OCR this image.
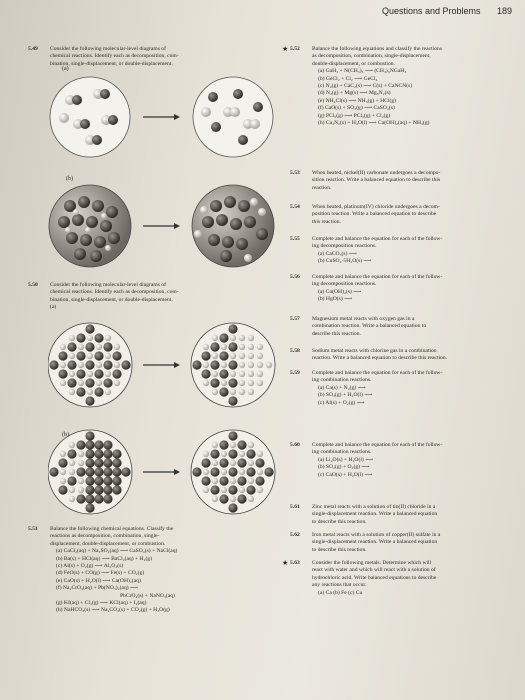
Questions and Problems 189
5.49 Consider the following molecular-level diagrams of
chemical reactions. Identify each as decomposition, com-
bination, single-displacement, or double-displacement.
(a)
(b)
5.50 Consider the following molecular-level diagrams of
chemical reactions. Identify each as decomposition, com-
bination, single-displacement, or double-displacement.
(a)
(b)
5.51 Balance the following chemical equations. Classify the
reactions as decomposition, combination, single-
displacement, double-displacement, or combustion.
(a) CaCl₂(aq) + Na₂SO₄(aq) ⟶ CaSO₄(s) + NaCl(aq)
(b) Ba(s) + HCl(aq) ⟶ BaCl₂(aq) + H₂(g)
(c) Al(s) + O₂(g) ⟶ Al₂O₃(s)
(d) FeO(s) + CO(g) ⟶ Fe(s) + CO₂(g)
(e) CaO(s) + H₂O(l) ⟶ Ca(OH)₂(aq)
(f) Na₂CrO₄(aq) + Pb(NO₃)₂(aq) ⟶
PbCrO₄(s) + NaNO₃(aq)
(g) KI(aq) + Cl₂(g) ⟶ KCl(aq) + I₂(aq)
(h) NaHCO₃(s) ⟶ Na₂CO₃(s) + CO₂(g) + H₂O(g)
★ 5.52 Balance the following equations and classify the reactions
as decomposition, combination, single-displacement,
double-displacement, or combustion.
(a) GaH₃ + N(CH₃)₃ ⟶ (CH₃)₃NGaH₃
(b) GeCl₂ + Cl₂ ⟶ GeCl₄
(c) N₂(g) + CaC₂(s) ⟶ C(s) + CaNCN(s)
(d) N₂(g) + Mg(s) ⟶ Mg₃N₂(s)
(e) NH₄Cl(s) ⟶ NH₃(g) + HCl(g)
(f) CaO(s) + SO₃(g) ⟶ CaSO₄(s)
(g) PCl₅(g) ⟶ PCl₃(g) + Cl₂(g)
(h) Ca₃N₂(s) + H₂O(l) ⟶ Ca(OH)₂(aq) + NH₃(g)
5.53 When heated, nickel(II) carbonate undergoes a decompo-
sition reaction. Write a balanced equation to describe this
reaction.
5.54 When heated, platinum(IV) chloride undergoes a decom-
position reaction. Write a balanced equation to describe
this reaction.
5.55 Complete and balance the equation for each of the follow-
ing decomposition reactions.
(a) CaCO₃(s) ⟶
(b) CuSO₄·5H₂O(s) ⟶
5.56 Complete and balance the equation for each of the follow-
ing decomposition reactions.
(a) Cu(OH)₂(s) ⟶
(b) HgO(s) ⟶
5.57 Magnesium metal reacts with oxygen gas in a
combination reaction. Write a balanced equation to
describe this reaction.
5.58 Sodium metal reacts with chlorine gas in a combination
reaction. Write a balanced equation to describe this reaction.
5.59 Complete and balance the equation for each of the follow-
ing combination reactions.
(a) Ca(s) + N₂(g) ⟶
(b) SO₃(g) + H₂O(l) ⟶
(c) Al(s) + O₂(g) ⟶
5.60 Complete and balance the equation for each of the follow-
ing combination reactions.
(a) Li₂O(s) + H₂O(l) ⟶
(b) SO₂(g) + O₂(g) ⟶
(c) CaO(s) + H₂O(l) ⟶
5.61 Zinc metal reacts with a solution of tin(II) chloride in a
single-displacement reaction. Write a balanced equation
to describe this reaction.
5.62 Iron metal reacts with a solution of copper(II) sulfate in a
single-displacement reaction. Write a balanced equation
to describe this reaction.
★ 5.63 Consider the following metals. Determine which will
react with water and which will react with a solution of
hydrochloric acid. Write balanced equations to describe
any reactions that occur.
(a) Ca (b) Fe (c) Cu
